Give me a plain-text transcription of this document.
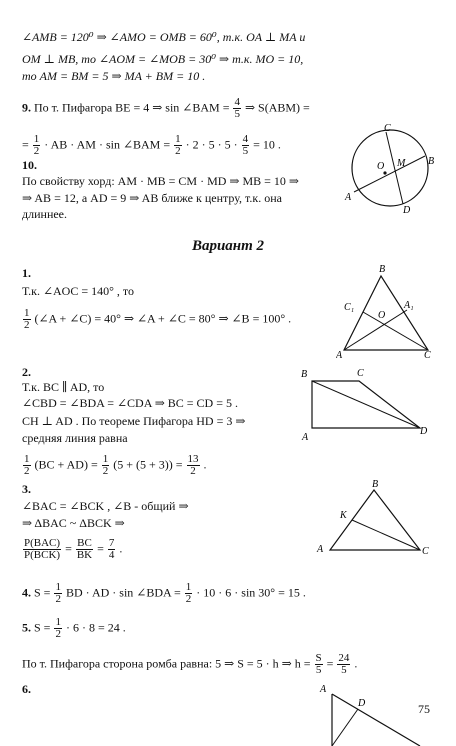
∠AMB = 120⁰ ⇒ ∠AMO = OMB = 60⁰, т.к. OA ⊥ MA и
OM ⊥ MB, то ∠AOM = ∠MOB = 30⁰ ⇒ т.к. MO = 10,
то AM = BM = 5 ⇒ MA + BM = 10 .
9. По т. Пифагора BE = 4 ⇒ sin ∠BAM = $\frac{4}{5}$ ⇒ S(ABM) =
= $\frac{1}{2}$ · AB · AM · sin ∠BAM = $\frac{1}{2} \cdot 2 \cdot 5 \cdot 5 \cdot \frac{4}{5} = 10$ .
10.
По свойству хорд: AM · MB = CM · MD ⇒ MB = 10 ⇒
⇒ AB = 12, а AD = 9 ⇒ AB ближе к центру, т.к. она
длиннее.
C
O M B
A
D
Вариант 2
1.
Т.к. ∠AOC = 140° , то
$\frac{1}{2}$ (∠A + ∠C) = 40° ⇒ ∠A + ∠C = 80° ⇒ ∠B = 100° .
B
C₁	A₁
O
A	C
2.
Т.к. BC ∥ AD, то
∠CBD = ∠BDA = ∠CDA ⇒ BC = CD = 5 .
CH ⊥ AD . По теореме Пифагора HD = 3 ⇒
средняя линия равна
$\frac{1}{2} (BC + AD) = \frac{1}{2} (5 + (5 + 3)) = \frac{13}{2}$ .
B	C
A
D
3.
∠BAC = ∠BCK , ∠B - общий ⇒
⇒ ΔBAC ~ ΔBCK ⇒
$\frac{\text{P(BAC)}}{\text{P(BCK)}} = \frac{BC}{BK} = \frac{7}{4}$ .
B
K
A	C
4. $S = \frac{1}{2}$ BD · AD · sin ∠BDA = $\frac{1}{2} \cdot 10 \cdot 6 \cdot \sin 30^\circ = 15$ .
5. $S = \frac{1}{2} \cdot 6 \cdot 8 = 24$ .
По т. Пифагора сторона ромба равна: 5 ⇒ S = 5 · h ⇒ $h = \frac{S}{5} = \frac{24}{5}$ .
6.	A
D	75
